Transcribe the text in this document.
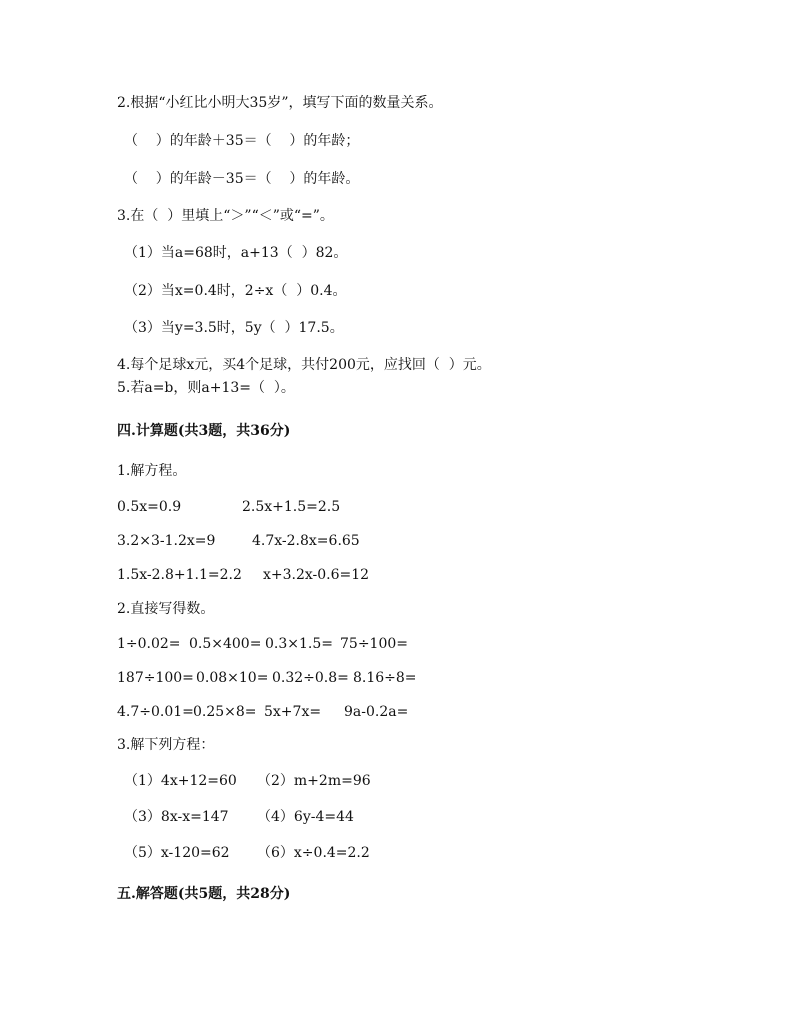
2.根据“小红比小明大35岁”，填写下面的数量关系。
（    ）的年龄＋35＝（    ）的年龄；
（    ）的年龄－35＝（    ）的年龄。
3.在（  ）里填上“＞”“＜”或“=”。
（1）当a=68时，a+13（  ）82。
（2）当x=0.4时，2÷x（  ）0.4。
（3）当y=3.5时，5y（  ）17.5。
4.每个足球x元，买4个足球，共付200元，应找回（  ）元。
5.若a=b，则a+13=（  ）。
四.计算题(共3题，共36分)
1.解方程。
0.5x=0.9	2.5x+1.5=2.5
3.2×3-1.2x=9	4.7x-2.8x=6.65
1.5x-2.8+1.1=2.2 x+3.2x-0.6=12
2.直接写得数。
1÷0.02= 0.5×400= 0.3×1.5= 75÷100=
187÷100= 0.08×10= 0.32÷0.8= 8.16÷8=
4.7÷0.01= 0.25×8= 5x+7x= 9a-0.2a=
3.解下列方程：
（1）4x+12=60 （2）m+2m=96
（3）8x-x=147 （4）6y-4=44
（5）x-120=62 （6）x÷0.4=2.2
五.解答题(共5题，共28分)
